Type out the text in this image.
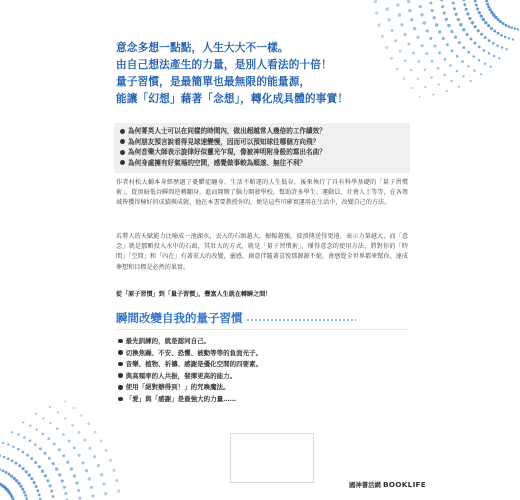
意念多想一點點，人生大大不一樣。
由自己想法產生的力量，是別人看法的十倍！
量子習慣，是最簡單也最無限的能量源，
能讓「幻想」藉著「念想」，轉化成具體的事實！
為何菁英人士可以在同樣的時間內，做出超越常人幾倍的工作績效？
為何朋友預言說看得見球速變慢，因而可以預知球往哪個方向飛？
為何音樂大師表示旋律好似靈光乍現，像被神明附身般的寫出名曲？
為何身處擁有好氣場的空間，感覺做事較為順遂、無往不利？
作者村松大輔本身經歷過了憂鬱症纏身，生活不順遂的人生低谷，後來執行了具有科學基礎的「量子習慣術」，從黑暗低谷瞬間逆轉翻身，進而開辦了腦力開發學校，幫助許多學生、運動員、社會人士等等，在各領域皆獲得極好的成績與成就，他在本書要教授你的，便是這些可確實運用在生活中，改變自己的方法。
若將人的天賦能力比喻成一池湖水，丟入的石頭越大，振幅越強，波浪傳送得更遠，表示力量越大，而「意念」就是那顆投入水中的石頭，其壯大的方式，就是「量子習慣術」，懂得意念的使用方法，將對你的「時間」「空間」和「內在」有著重大的改變，靈感、創意伴隨著喜悅那源源不絕，會感覺全世界都來幫你，達成夢想和目標是必然的果實。
從「原子習慣」到「量子習慣」，豐富人生就在轉瞬之間！
瞬間改變自我的量子習慣
最先訓練的，就是認同自己。
切換焦躁、不安、恐懼、被動等等的負面光子。
音樂、植物、祈禱、感謝是優化空間的四要素。
與高頻率的人共振，發揮更高的能力。
使用「絕對辦得到！」的咒喚魔法。
「愛」與「感謝」是最強大的力量……
國神書活網 BOOKLIFE
